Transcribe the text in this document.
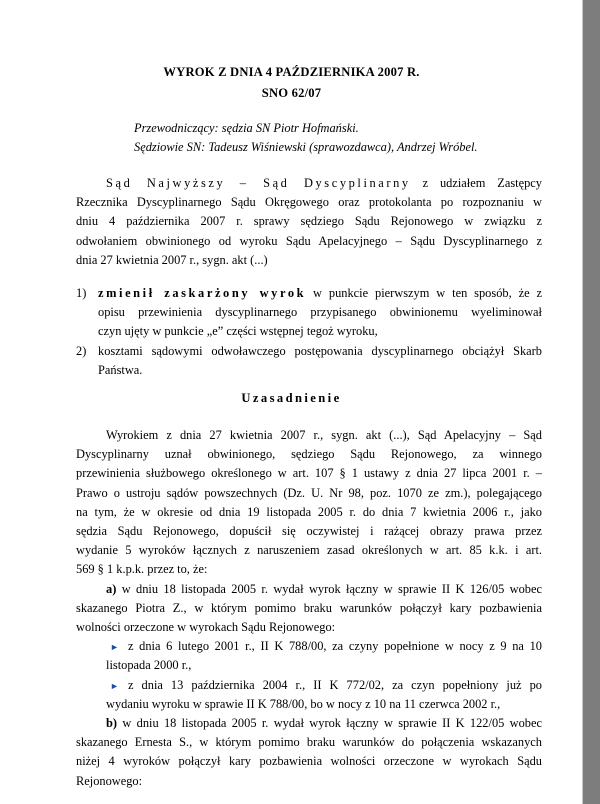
WYROK Z DNIA 4 PAŹDZIERNIKA 2007 R.
SNO 62/07
Przewodniczący: sędzia SN Piotr Hofmański.
Sędziowie SN: Tadeusz Wiśniewski (sprawozdawca), Andrzej Wróbel.
Sąd Najwyższy – Sąd Dyscyplinarny z udziałem Zastępcy
Rzecznika Dyscyplinarnego Sądu Okręgowego oraz protokolanta po rozpoznaniu w
dniu 4 października 2007 r. sprawy sędziego Sądu Rejonowego w związku z
odwołaniem obwinionego od wyroku Sądu Apelacyjnego – Sądu Dyscyplinarnego z
dnia 27 kwietnia 2007 r., sygn. akt (...)
1) zmienił zaskarżony wyrok w punkcie pierwszym w ten sposób, że z
opisu przewinienia dyscyplinarnego przypisanego obwinionemu wyeliminował
czyn ujęty w punkcie „e” części wstępnej tegoż wyroku,
2) kosztami sądowymi odwoławczego postępowania dyscyplinarnego obciążył Skarb
Państwa.
Uzasadnienie
Wyrokiem z dnia 27 kwietnia 2007 r., sygn. akt (...), Sąd Apelacyjny – Sąd
Dyscyplinarny uznał obwinionego, sędziego Sądu Rejonowego, za winnego
przewinienia służbowego określonego w art. 107 § 1 ustawy z dnia 27 lipca 2001 r. –
Prawo o ustroju sądów powszechnych (Dz. U. Nr 98, poz. 1070 ze zm.), polegającego
na tym, że w okresie od dnia 19 listopada 2005 r. do dnia 7 kwietnia 2006 r., jako
sędzia Sądu Rejonowego, dopuścił się oczywistej i rażącej obrazy prawa przez
wydanie 5 wyroków łącznych z naruszeniem zasad określonych w art. 85 k.k. i art.
569 § 1 k.p.k. przez to, że:
a) w dniu 18 listopada 2005 r. wydał wyrok łączny w sprawie II K 126/05 wobec
skazanego Piotra Z., w którym pomimo braku warunków połączył kary pozbawienia
wolności orzeczone w wyrokach Sądu Rejonowego:
► z dnia 6 lutego 2001 r., II K 788/00, za czyny popełnione w nocy z 9 na 10
listopada 2000 r.,
► z dnia 13 października 2004 r., II K 772/02, za czyn popełniony już po
wydaniu wyroku w sprawie II K 788/00, bo w nocy z 10 na 11 czerwca 2002 r.,
b) w dniu 18 listopada 2005 r. wydał wyrok łączny w sprawie II K 122/05 wobec
skazanego Ernesta S., w którym pomimo braku warunków do połączenia wskazanych
niżej 4 wyroków połączył kary pozbawienia wolności orzeczone w wyrokach Sądu
Rejonowego:
